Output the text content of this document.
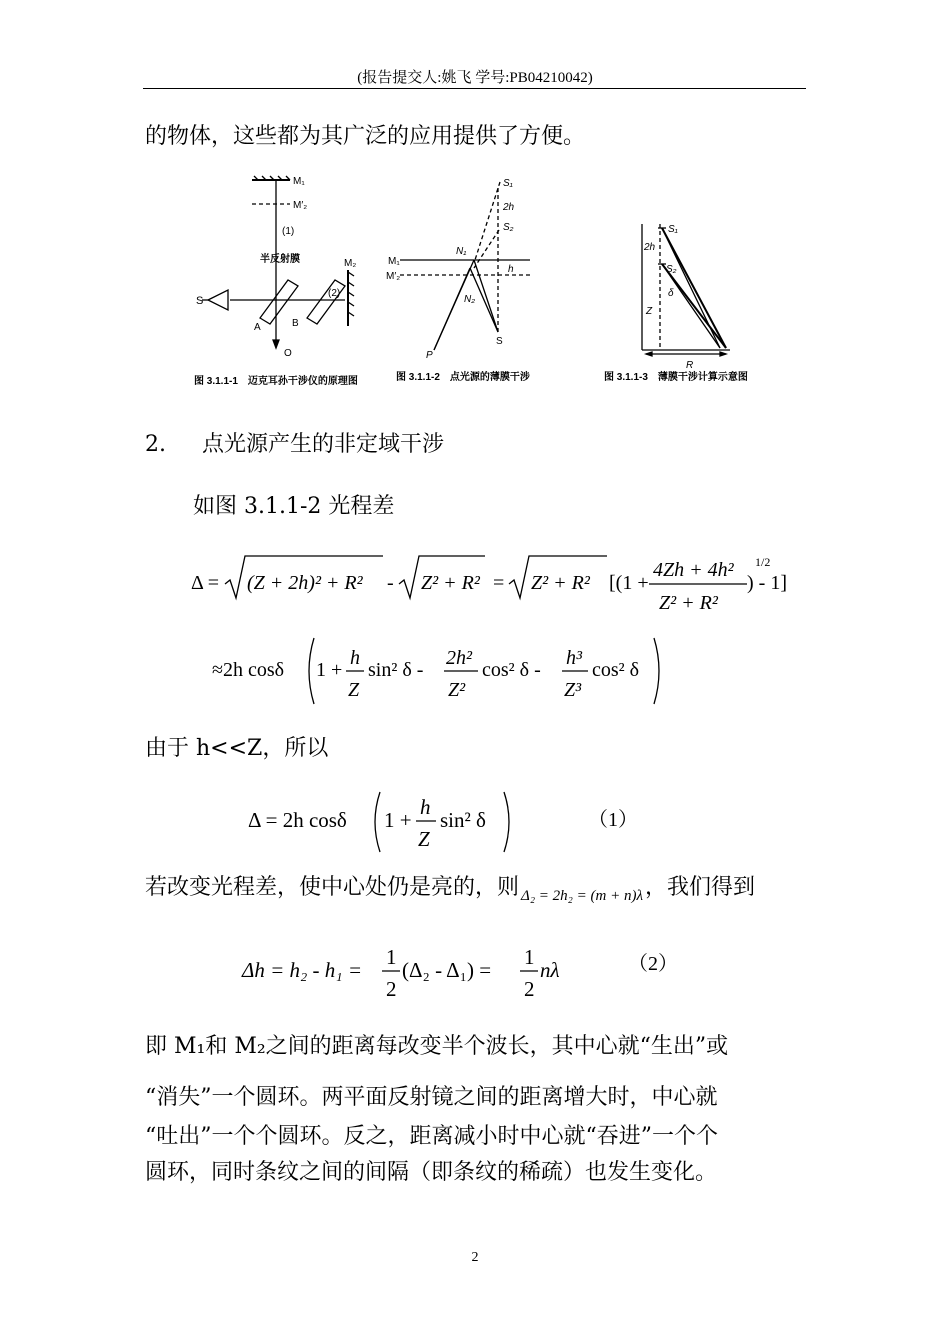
(报告提交人:姚飞 学号:PB04210042)
的物体，这些都为其广泛的应用提供了方便。
M₁
M′₂
(1)
半反射膜	M₂
(2)
S
A	B
O
图 3.1.1-1　迈克耳孙干涉仪的原理图
S₁
2h
S₂
N₁
M₁
M′₂
h
N₂
S
P
图 3.1.1-2　点光源的薄膜干涉
S₁
2h
S₂
δ
Z
R
图 3.1.1-3　薄膜干涉计算示意图
2. 点光源产生的非定域干涉
如图 3.1.1-2 光程差
Δ = (Z + 2h)² + R² - Z² + R² = Z² + R² [(1 +
4Zh + 4h²
Z² + R²
1/2
) - 1]
≈2h cosδ 1 +
h
Z
sin² δ -
2h²
Z²
cos² δ -
h³
Z³
cos² δ
由于 h<<Z，所以
Δ = 2h cosδ 1 +
h
Z
sin² δ	（1）
若改变光程差，使中心处仍是亮的，则 $_{\Delta_2 = 2h_2 = (m + n)\lambda}$，我们得到
Δh = h₂ - h₁ =
1
2
(Δ₂ - Δ₁) =
1
2
nλ	（2）
即 M₁和 M₂之间的距离每改变半个波长，其中心就“生出”或
“消失”一个圆环。两平面反射镜之间的距离增大时，中心就
“吐出”一个个圆环。反之，距离减小时中心就“吞进”一个个
圆环，同时条纹之间的间隔（即条纹的稀疏）也发生变化。
2
